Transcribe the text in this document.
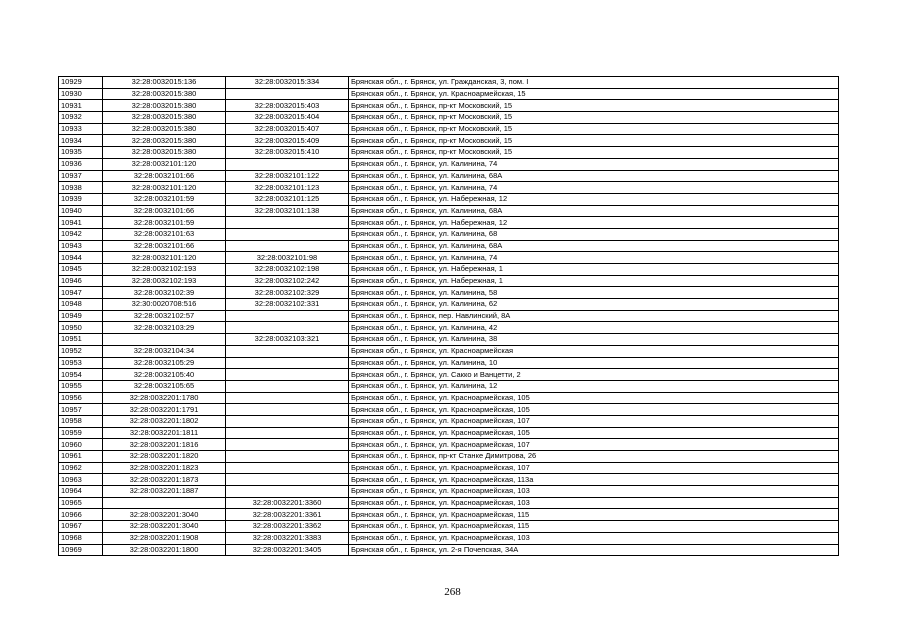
10929	32:28:0032015:136	32:28:0032015:334	Брянская обл., г. Брянск, ул. Гражданская, 3, пом. I
10930	32:28:0032015:380		Брянская обл., г. Брянск, ул. Красноармейская, 15
10931	32:28:0032015:380	32:28:0032015:403	Брянская обл., г. Брянск, пр-кт Московский, 15
10932	32:28:0032015:380	32:28:0032015:404	Брянская обл., г. Брянск, пр-кт Московский, 15
10933	32:28:0032015:380	32:28:0032015:407	Брянская обл., г. Брянск, пр-кт Московский, 15
10934	32:28:0032015:380	32:28:0032015:409	Брянская обл., г. Брянск, пр-кт Московский, 15
10935	32:28:0032015:380	32:28:0032015:410	Брянская обл., г. Брянск, пр-кт Московский, 15
10936	32:28:0032101:120		Брянская обл., г. Брянск, ул. Калинина, 74
10937	32:28:0032101:66	32:28:0032101:122	Брянская обл., г. Брянск, ул. Калинина, 68А
10938	32:28:0032101:120	32:28:0032101:123	Брянская обл., г. Брянск, ул. Калинина, 74
10939	32:28:0032101:59	32:28:0032101:125	Брянская обл., г. Брянск, ул. Набережная, 12
10940	32:28:0032101:66	32:28:0032101:138	Брянская обл., г. Брянск, ул. Калинина, 68А
10941	32:28:0032101:59		Брянская обл., г. Брянск, ул. Набережная, 12
10942	32:28:0032101:63		Брянская обл., г. Брянск, ул. Калинина, 68
10943	32:28:0032101:66		Брянская обл., г. Брянск, ул. Калинина, 68А
10944	32:28:0032101:120	32:28:0032101:98	Брянская обл., г. Брянск, ул. Калинина, 74
10945	32:28:0032102:193	32:28:0032102:198	Брянская обл., г. Брянск, ул. Набережная, 1
10946	32:28:0032102:193	32:28:0032102:242	Брянская обл., г. Брянск, ул. Набережная, 1
10947	32:28:0032102:39	32:28:0032102:329	Брянская обл., г. Брянск, ул. Калинина, 58
10948	32:30:0020708:516	32:28:0032102:331	Брянская обл., г. Брянск, ул. Калинина, 62
10949	32:28:0032102:57		Брянская обл., г. Брянск, пер. Навлинский, 8А
10950	32:28:0032103:29		Брянская обл., г. Брянск, ул. Калинина, 42
10951		32:28:0032103:321	Брянская обл., г. Брянск, ул. Калинина, 38
10952	32:28:0032104:34		Брянская обл., г. Брянск, ул. Красноармейская
10953	32:28:0032105:29		Брянская обл., г. Брянск, ул. Калинина, 10
10954	32:28:0032105:40		Брянская обл., г. Брянск, ул. Сакко и Ванцетти, 2
10955	32:28:0032105:65		Брянская обл., г. Брянск, ул. Калинина, 12
10956	32:28:0032201:1780		Брянская обл., г. Брянск, ул. Красноармейская, 105
10957	32:28:0032201:1791		Брянская обл., г. Брянск, ул. Красноармейская, 105
10958	32:28:0032201:1802		Брянская обл., г. Брянск, ул. Красноармейская, 107
10959	32:28:0032201:1811		Брянская обл., г. Брянск, ул. Красноармейская, 105
10960	32:28:0032201:1816		Брянская обл., г. Брянск, ул. Красноармейская, 107
10961	32:28:0032201:1820		Брянская обл., г. Брянск, пр-кт Станке Димитрова, 26
10962	32:28:0032201:1823		Брянская обл., г. Брянск, ул. Красноармейская, 107
10963	32:28:0032201:1873		Брянская обл., г. Брянск, ул. Красноармейская, 113а
10964	32:28:0032201:1887		Брянская обл., г. Брянск, ул. Красноармейская, 103
10965		32:28:0032201:3360	Брянская обл., г. Брянск, ул. Красноармейская, 103
10966	32:28:0032201:3040	32:28:0032201:3361	Брянская обл., г. Брянск, ул. Красноармейская, 115
10967	32:28:0032201:3040	32:28:0032201:3362	Брянская обл., г. Брянск, ул. Красноармейская, 115
10968	32:28:0032201:1908	32:28:0032201:3383	Брянская обл., г. Брянск, ул. Красноармейская, 103
10969	32:28:0032201:1800	32:28:0032201:3405	Брянская обл., г. Брянск, ул. 2-я Почепская, 34А
268
